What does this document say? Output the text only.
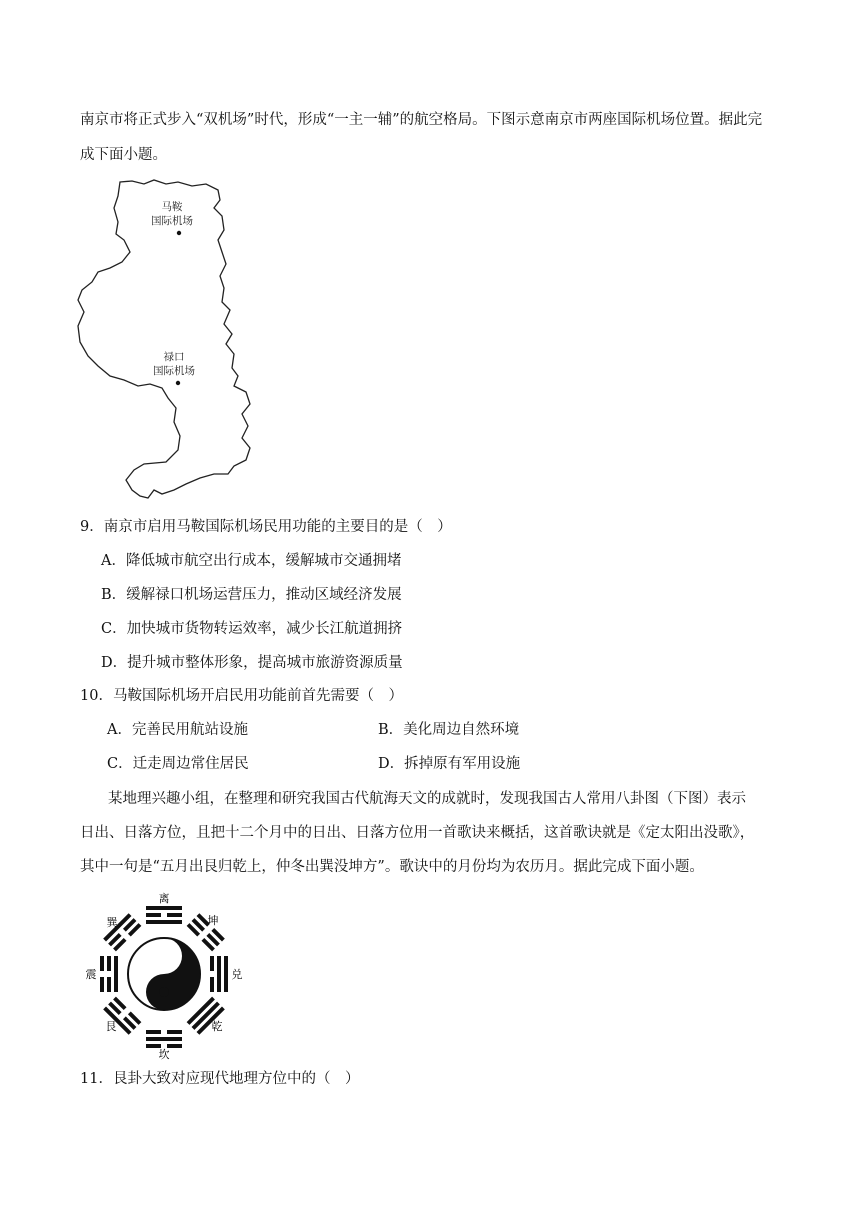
南京市将正式步入“双机场”时代，形成“一主一辅”的航空格局。下图示意南京市两座国际机场位置。据此完
成下面小题。
马鞍
国际机场
禄口
国际机场
9．南京市启用马鞍国际机场民用功能的主要目的是（　）
A．降低城市航空出行成本，缓解城市交通拥堵
B．缓解禄口机场运营压力，推动区域经济发展
C．加快城市货物转运效率，减少长江航道拥挤
D．提升城市整体形象，提高城市旅游资源质量
10．马鞍国际机场开启民用功能前首先需要（　）
A．完善民用航站设施	B．美化周边自然环境
C．迁走周边常住居民	D．拆掉原有军用设施
某地理兴趣小组，在整理和研究我国古代航海天文的成就时，发现我国古人常用八卦图（下图）表示
日出、日落方位，且把十二个月中的日出、日落方位用一首歌诀来概括，这首歌诀就是《定太阳出没歌》，
其中一句是“五月出艮归乾上，仲冬出巽没坤方”。歌诀中的月份均为农历月。据此完成下面小题。
离
坤
兑
乾
坎
艮
震
巽
11．艮卦大致对应现代地理方位中的（　）
